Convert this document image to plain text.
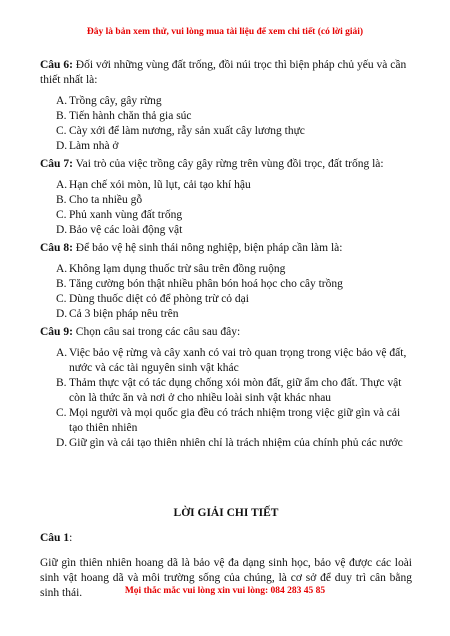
Đây là bản xem thử, vui lòng mua tài liệu để xem chi tiết (có lời giải)

Câu 6: Đối với những vùng đất trống, đồi núi trọc thì biện pháp chủ yếu và cần thiết nhất là:

A. Trồng cây, gây rừng
B. Tiến hành chăn thả gia súc
C. Cày xới để làm nương, rẫy sản xuất cây lương thực
D. Làm nhà ở

Câu 7: Vai trò của việc trồng cây gây rừng trên vùng đồi trọc, đất trống là:

A. Hạn chế xói mòn, lũ lụt, cải tạo khí hậu
B. Cho ta nhiều gỗ
C. Phủ xanh vùng đất trống
D. Bảo vệ các loài động vật

Câu 8: Để bảo vệ hệ sinh thái nông nghiệp, biện pháp cần làm là:

A. Không lạm dụng thuốc trừ sâu trên đồng ruộng
B. Tăng cường bón thật nhiều phân bón hoá học cho cây trồng
C. Dùng thuốc diệt cỏ để phòng trừ cỏ dại
D. Cả 3 biện pháp nêu trên

Câu 9: Chọn câu sai trong các câu sau đây:

A. Việc bảo vệ rừng và cây xanh có vai trò quan trọng trong việc bảo vệ đất, nước và các tài nguyên sinh vật khác
B. Thảm thực vật có tác dụng chống xói mòn đất, giữ ẩm cho đất. Thực vật còn là thức ăn và nơi ở cho nhiều loài sinh vật khác nhau
C. Mọi người và mọi quốc gia đều có trách nhiệm trong việc giữ gìn và cải tạo thiên nhiên
D. Giữ gìn và cải tạo thiên nhiên chỉ là trách nhiệm của chính phủ các nước
LỜI GIẢI CHI TIẾT
Câu 1:

Giữ gìn thiên nhiên hoang dã là bảo vệ đa dạng sinh học, bảo vệ được các loài sinh vật hoang dã và môi trường sống của chúng, là cơ sở để duy trì cân bằng sinh thái.	Mọi thắc mắc vui lòng xin vui lòng: 084 283 45 85
